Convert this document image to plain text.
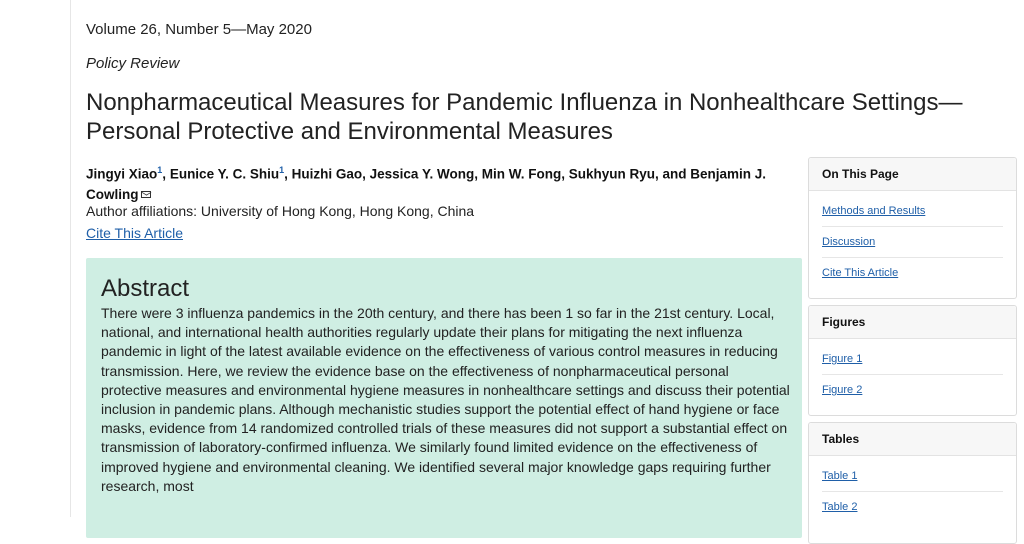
Volume 26, Number 5—May 2020
Policy Review
Nonpharmaceutical Measures for Pandemic Influenza in Nonhealthcare Settings—Personal Protective and Environmental Measures
Jingyi Xiao$^1$, Eunice Y. C. Shiu$^1$, Huizhi Gao, Jessica Y. Wong, Min W. Fong, Sukhyun Ryu, and Benjamin J. Cowling
Author affiliations: University of Hong Kong, Hong Kong, China
Cite This Article
Abstract
There were 3 influenza pandemics in the 20th century, and there has been 1 so far in the 21st century. Local, national, and international health authorities regularly update their plans for mitigating the next influenza pandemic in light of the latest available evidence on the effectiveness of various control measures in reducing transmission. Here, we review the evidence base on the effectiveness of nonpharmaceutical personal protective measures and environmental hygiene measures in nonhealthcare settings and discuss their potential inclusion in pandemic plans. Although mechanistic studies support the potential effect of hand hygiene or face masks, evidence from 14 randomized controlled trials of these measures did not support a substantial effect on transmission of laboratory-confirmed influenza. We similarly found limited evidence on the effectiveness of improved hygiene and environmental cleaning. We identified several major knowledge gaps requiring further research, most
On This Page
Methods and Results
Discussion
Cite This Article
Figures
Figure 1
Figure 2
Tables
Table 1
Table 2
